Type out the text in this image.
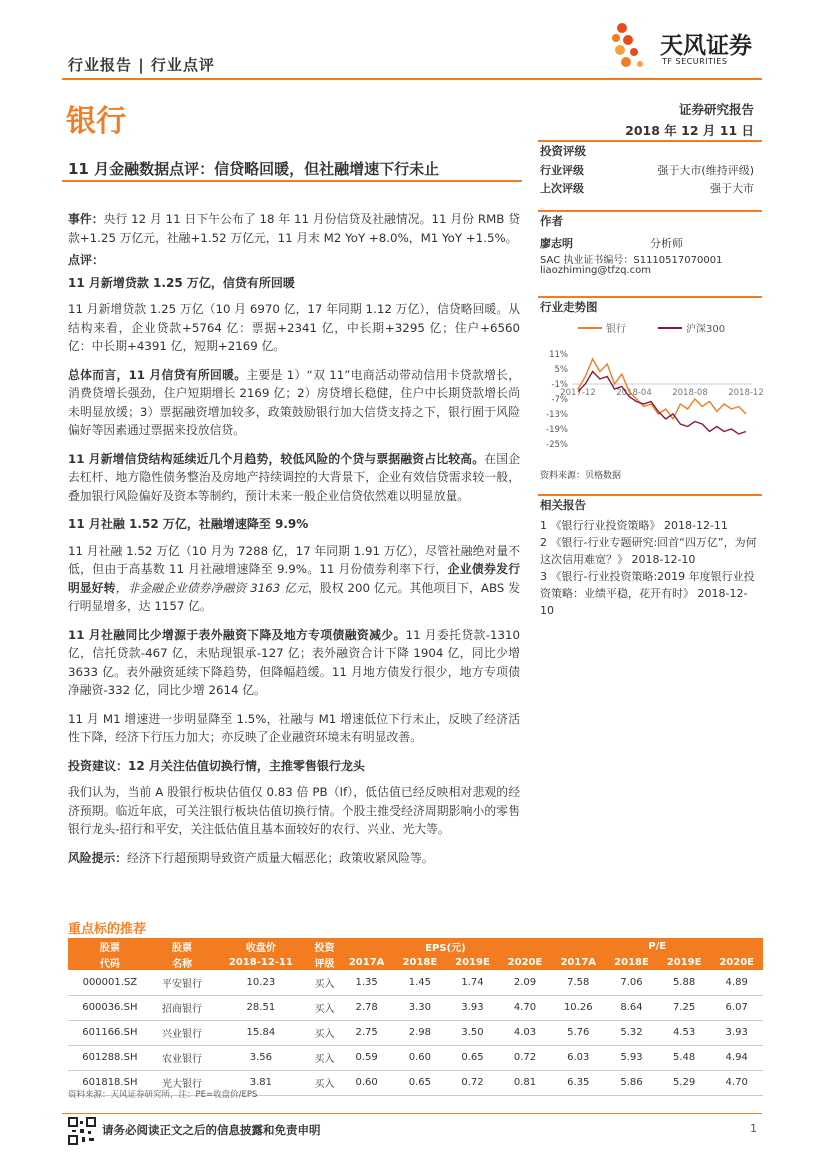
行业报告 | 行业点评
银行
天风证券
TF SECURITIES
证券研究报告
2018 年 12 月 11 日
11 月金融数据点评：信贷略回暖，但社融增速下行未止

事件：央行 12 月 11 日下午公布了 18 年 11 月份信贷及社融情况。11 月份 RMB 贷款+1.25 万亿元，社融+1.52 万亿元，11 月末 M2 YoY +8.0%，M1 YoY +1.5%。

点评：
11 月新增贷款 1.25 万亿，信贷有所回暖

11 月新增贷款 1.25 万亿（10 月 6970 亿，17 年同期 1.12 万亿），信贷略回暖。从结构来看，企业贷款+5764 亿：票据+2341 亿，中长期+3295 亿；住户+6560 亿：中长期+4391 亿，短期+2169 亿。

总体而言，11 月信贷有所回暖。主要是 1）“双 11”电商活动带动信用卡贷款增长，消费贷增长强劲，住户短期增长 2169 亿；2）房贷增长稳健，住户中长期贷款增长尚未明显放缓；3）票据融资增加较多，政策鼓励银行加大信贷支持之下，银行囿于风险偏好等因素通过票据来投放信贷。

11 月新增信贷结构延续近几个月趋势，较低风险的个贷与票据融资占比较高。在国企去杠杆、地方隐性债务整治及房地产持续调控的大背景下，企业有效信贷需求较一般，叠加银行风险偏好及资本等制约，预计未来一般企业信贷依然难以明显放量。

11 月社融 1.52 万亿，社融增速降至 9.9%

11 月社融 1.52 万亿（10 月为 7288 亿，17 年同期 1.91 万亿），尽管社融绝对量不低，但由于高基数 11 月社融增速降至 9.9%。11 月份债券利率下行，企业债券发行明显好转，非金融企业债券净融资 3163 亿元，股权 200 亿元。其他项目下，ABS 发行明显增多，达 1157 亿。

11 月社融同比少增源于表外融资下降及地方专项债融资减少。11 月委托贷款-1310 亿，信托贷款-467 亿，未贴现银承-127 亿；表外融资合计下降 1904 亿，同比少增 3633 亿。表外融资延续下降趋势，但降幅趋缓。11 月地方债发行很少，地方专项债净融资-332 亿，同比少增 2614 亿。

11 月 M1 增速进一步明显降至 1.5%，社融与 M1 增速低位下行未止，反映了经济活性下降，经济下行压力加大；亦反映了企业融资环境未有明显改善。

投资建议：12 月关注估值切换行情，主推零售银行龙头

我们认为，当前 A 股银行板块估值仅 0.83 倍 PB（lf），低估值已经反映相对悲观的经济预期。临近年底，可关注银行板块估值切换行情。个股主推受经济周期影响小的零售银行龙头-招行和平安，关注低估值且基本面较好的农行、兴业、光大等。

风险提示：经济下行超预期导致资产质量大幅恶化；政策收紧风险等。

投资评级
行业评级	强于大市(维持评级)
上次评级	强于大市
作者
廖志明	分析师
SAC 执业证书编号：S1110517070001
liaozhiming@tfzq.com
行业走势图
银行	沪深300
11%
5%
-1%
-7%
-13%
-19%
-25%
2017-12 2018-04 2018-08 2018-12
资料来源：贝格数据
相关报告
1 《银行行业投资策略》 2018-12-11
2 《银行-行业专题研究:回首“四万亿”，为何这次信用难宽？》 2018-12-10
3 《银行-行业投资策略:2019 年度银行业投资策略：业绩平稳，花开有时》 2018-12-10
重点标的推荐
股票	股票	收盘价	投资	EPS(元)				P/E			
代码	名称	2018-12-11	评级	2017A	2018E	2019E	2020E	2017A	2018E	2019E	2020E
000001.SZ	平安银行	10.23	买入	1.35	1.45	1.74	2.09	7.58	7.06	5.88	4.89
600036.SH	招商银行	28.51	买入	2.78	3.30	3.93	4.70	10.26	8.64	7.25	6.07
601166.SH	兴业银行	15.84	买入	2.75	2.98	3.50	4.03	5.76	5.32	4.53	3.93
601288.SH	农业银行	3.56	买入	0.59	0.60	0.65	0.72	6.03	5.93	5.48	4.94
601818.SH	光大银行	3.81	买入	0.60	0.65	0.72	0.81	6.35	5.86	5.29	4.70
资料来源：天风证券研究所，注：PE=收盘价/EPS
请务必阅读正文之后的信息披露和免责申明	1
